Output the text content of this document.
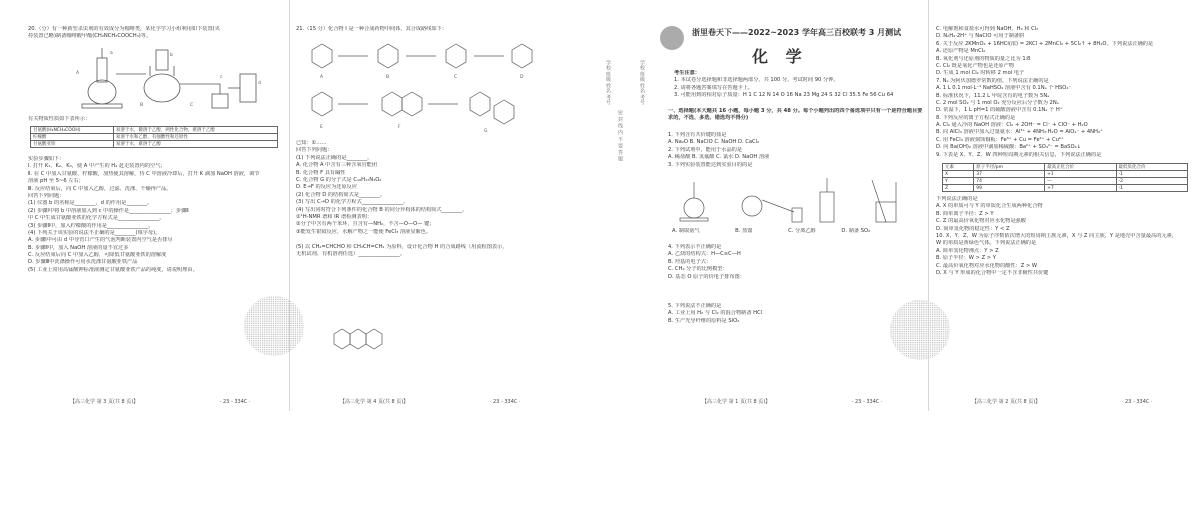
20.（分）有一种新型杀虫剂的有效成分为咖啡类，某化学学习小组利用如下装置(夹
持装置已略)制备咖啡酸甲酯(CH₂NCH₂COOCH₃)等。
a	b
c
d
A
B	C
有关物质性质如下表所示：
甘氨酸(H₂NCH₂COOH)	易溶于水，微溶于乙醇，两性化合物，难溶于乙醇
柠檬酸	易溶于水和乙醇，有强酸性和还原性
甘氨酸亚铁	易溶于水，难溶于乙醇
实验步骤如下：
Ⅰ. 打开 K₁、K₂、K₃，使 A 中产生的 H₂ 赶走装置内的空气；
Ⅱ. 在 C 中加入甘氨酸、柠檬酸，加热使其溶解，待 C 中溶液冷却后，打开 K 滴加 NaOH 溶液，调节
溶液 pH 至 5~6 左右；
Ⅲ. 反应结束后，向 C 中加入乙醇，过滤、洗涤、干燥得产品。
回答下列问题：
(1) 仪器 b 的名称是________，d 的作用是________。
(2) 步骤Ⅰ中将 b 中溶液加入到 c 中的操作是________________；步骤Ⅱ
中 C 中生成甘氨酸亚铁的化学方程式是________________。
(3) 步骤Ⅱ中，加入柠檬酸的作用是________________。
(4) 下列关于该实验的说法不正确的是________(填字母)。
A. 步骤Ⅰ中可由 d 中导管口产生的气泡判断装置内空气是否排尽
B. 步骤Ⅱ中，加入 NaOH 溶液的量不宜过多
C. 反应结束后向 C 中加入乙醇，可降低甘氨酸亚铁的溶解度
D. 步骤Ⅲ中洗涤操作可用水洗涤甘氨酸亚铁产品
(5) 工业上常用高锰酸钾标准液测定甘氨酸亚铁产品的纯度，请说明理由。
【高三化学 第 3 页(共 8 页)】	· 23 - 334C ·
21.（15 分）化合物 I 是一种合成药物中间体，其合成路线如下：
A	B	C	D
E	F
G
已知：①……
回答下列问题：
(1) 下列说法正确的是________。
A. 化合物 A 中含有三种含氧官能团
B. 化合物 F 具有碱性
C. 化合物 G 的分子式是 C₁₆H₁₇N₃O₂
D. E→F 的反应为还原反应
(2) 化合物 D 的结构简式是________。
(3) 写出 C→D 的化学方程式________________。
(4) 写出同时符合下列条件的化合物 B 的同分异构体的结构简式________。
①¹H-NMR 谱和 IR 谱检测表明：
②分子中含有两个苯环，且含有—NH₂，不含—O—O— 键；
③能发生银镜反应，水解产物之一能使 FeCl₃ 溶液显紫色。
(5) 以 CH₂=CHCHO 和 CH₃CH=CH₂ 为原料，设计化合物 H 的合成路线（用流程图表示，
无机试剂、有机溶剂任选）________________。
【高三化学 第 4 页(共 8 页)】	· 23 - 334C ·
学校 班级 姓名 考号
密 封 线 内 不 要 答 题
学校 班级 姓名 考号
浙里卷天下——2022~2023 学年高三百校联考 3 月测试
化 学
考生注意：
1. 本试卷分选择题和非选择题两部分，共 100 分。考试时间 90 分钟。
2. 请将各题答案填写在答题卡上。
3. 可能用到的相对原子质量：H 1 C 12 N 14 O 16 Na 23 Mg 24 S 32 Cl 35.5 Fe 56 Cu 64
一、选择题(本大题共 16 小题，每小题 3 分，共 48 分。每个小题列出的四个备选项中只有一个是符合题目要求的，不选、多选、错选均不得分)
1. 下列含有共价键的盐是
A. Na₂O B. NaClO C. NaOH D. CaCl₂
2. 下列试剂中，能用于水晶的是
A. 稀盐酸 B. 氢氟酸 C. 氯水 D. NaOH 溶液
3. 下列实验装置能达到实验目的的是
A. 制取氨气	B. 蒸馏	C. 分离乙醇	D. 制备 SO₂
4. 下列表示不正确的是
A. 乙炔的结构式：H—C≡C—H
B. 羟基的电子式：
C. CH₄ 分子的比例模型：
D. 基态 O 原子的价电子排布图：
5. 下列说法不正确的是
A. 工业上用 H₂ 与 Cl₂ 的混合物制备 HCl
B. 生产光导纤维的原料是 SiO₂
【高三化学 第 1 页(共 8 页)】	· 23 - 334C ·
C. 电解饱和食盐水可得到 NaOH、H₂ 和 Cl₂
D. N₂H₄·2H⁺ 与 NaClO 可用于制备肼
6. 关于反应 2KMnO₄ + 16HCl(浓) = 2KCl + 2MnCl₂ + 5Cl₂↑ + 8H₂O，下列说法正确的是
A. 还原产物是 MnCl₂
B. 氧化剂与还原剂的物质的量之比为 1∶8
C. Cl₂ 既是氧化产物也是还原产物
D. 生成 1 mol Cl₂ 时转移 2 mol 电子
7. Nₐ 为阿伏加德罗常数的值，下列说法正确的是
A. 1 L 0.1 mol·L⁻¹ NaHSO₄ 溶液中含有 0.1Nₐ 个 HSO₄⁻
B. 标准状况下，11.2 L 甲烷含有的电子数为 5Nₐ
C. 2 mol SO₂ 与 1 mol O₂ 充分反应后分子数为 2Nₐ
D. 常温下，1 L pH=1 的硫酸溶液中含有 0.1Nₐ 个 H⁺
8. 下列反应的离子方程式正确的是
A. Cl₂ 通入冷的 NaOH 溶液：Cl₂ + 2OH⁻ = Cl⁻ + ClO⁻ + H₂O
B. 向 AlCl₃ 溶液中加入过量氨水：Al³⁺ + 4NH₃·H₂O = AlO₂⁻ + 4NH₄⁺
C. 用 FeCl₃ 溶液刻蚀铜板：Fe³⁺ + Cu = Fe²⁺ + Cu²⁺
D. 向 Ba(OH)₂ 溶液中滴加稀硫酸：Ba²⁺ + SO₄²⁻ = BaSO₄↓
9. 下表是 X、Y、Z、W 四种短周期元素的相关信息，下列说法正确的是
元素	原子半径/pm	最高正化合价	最低负化合价
X	37	+1	-1
Y	74	—	-2
Z	99	+7	-1
下列说法正确的是
A. X 的单质可与 Y 的单质化合生成两种化合物
B. 简单离子半径：Z > Y
C. Z 的最高价氧化物对应水化物是强酸
D. 简单氢化物的稳定性：Y < Z
10. X、Y、Z、W 为原子序数依次增大的短周期主族元素，X 与 Z 同主族，Y 是地壳中含量最高的元素，
W 的单质是黄绿色气体。下列说法正确的是
A. 简单氢化物沸点：Y > Z
B. 原子半径：W > Z > Y
C. 最高价氧化物对应水化物的酸性：Z > W
D. X 与 Y 形成的化合物中一定不含非极性共价键
【高三化学 第 2 页(共 8 页)】	· 23 - 334C ·
